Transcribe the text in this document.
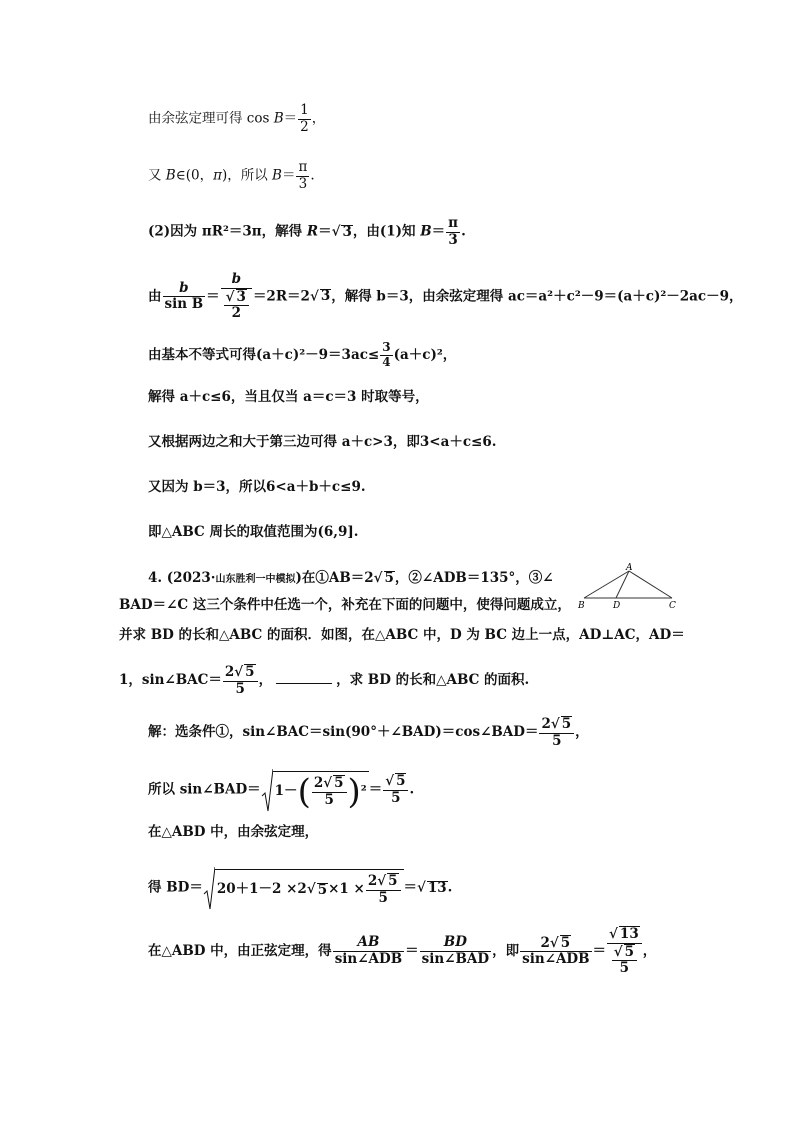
由余弦定理可得 $\cos B= \frac{1}{2}$ ，
又 B∈(0，π)，所以 $B= \frac{\pi}{3}$ .
(2)因为 πR²＝3π，解得 R＝√ 3，由(1)知 $B= \frac{\pi}{3}$ .
由 $\frac{b}{\text{sin B}} = \frac{b}{\frac{√ 3}{2}} =2R=2√$ 3，解得 b＝3，由余弦定理得 ac＝a²＋c²－9＝(a＋c)²－2ac－9，
由基本不等式可得$(a+c)^2-9=3ac\le \frac{3}{4} (a+c)^2$，
解得 a＋c≤6，当且仅当 a＝c＝3 时取等号，
又根据两边之和大于第三边可得 a＋c>3，即3<a＋c≤6.
又因为 b＝3，所以6<a＋b＋c≤9.
即△ABC 周长的取值范围为(6,9].
4. (2023·山东胜利一中模拟)在①AB＝2√ 5，②∠ADB＝135°，③∠
BAD＝∠C 这三个条件中任选一个，补充在下面的问题中，使得问题成立，
并求 BD 的长和△ABC 的面积．如图，在△ABC 中，D 为 BC 边上一点，AD⊥AC，AD＝
1，sin∠BAC＝ $\frac{2√ 5}{5}$ ，	，求 BD 的长和△ABC 的面积.
A
B	D	C
解：选条件①，sin∠BAC＝sin(90°＋∠BAD)＝cos∠BAD＝ $\frac{2√ 5}{5}$ ，
所以 sin∠BAD＝ 1－ ( $\frac{2√ 5}{5}$ ) $^2 = \frac{√ 5}{5}$ .
在△ABD 中，由余弦定理，
得 BD＝ 20＋1－2 ×2 √ $5 \times 1 \times \frac{2√ 5}{5}$ ＝√ 13.
在△ABD 中，由正弦定理，得 $\frac{AB}{\text{sin∠ADB}} = \frac{BD}{\text{sin∠BAD}}$ ，即 $\frac{2√ 5}{\text{sin∠ADB}} = \frac{√ 13}{\frac{√ 5}{5}}$ ，
